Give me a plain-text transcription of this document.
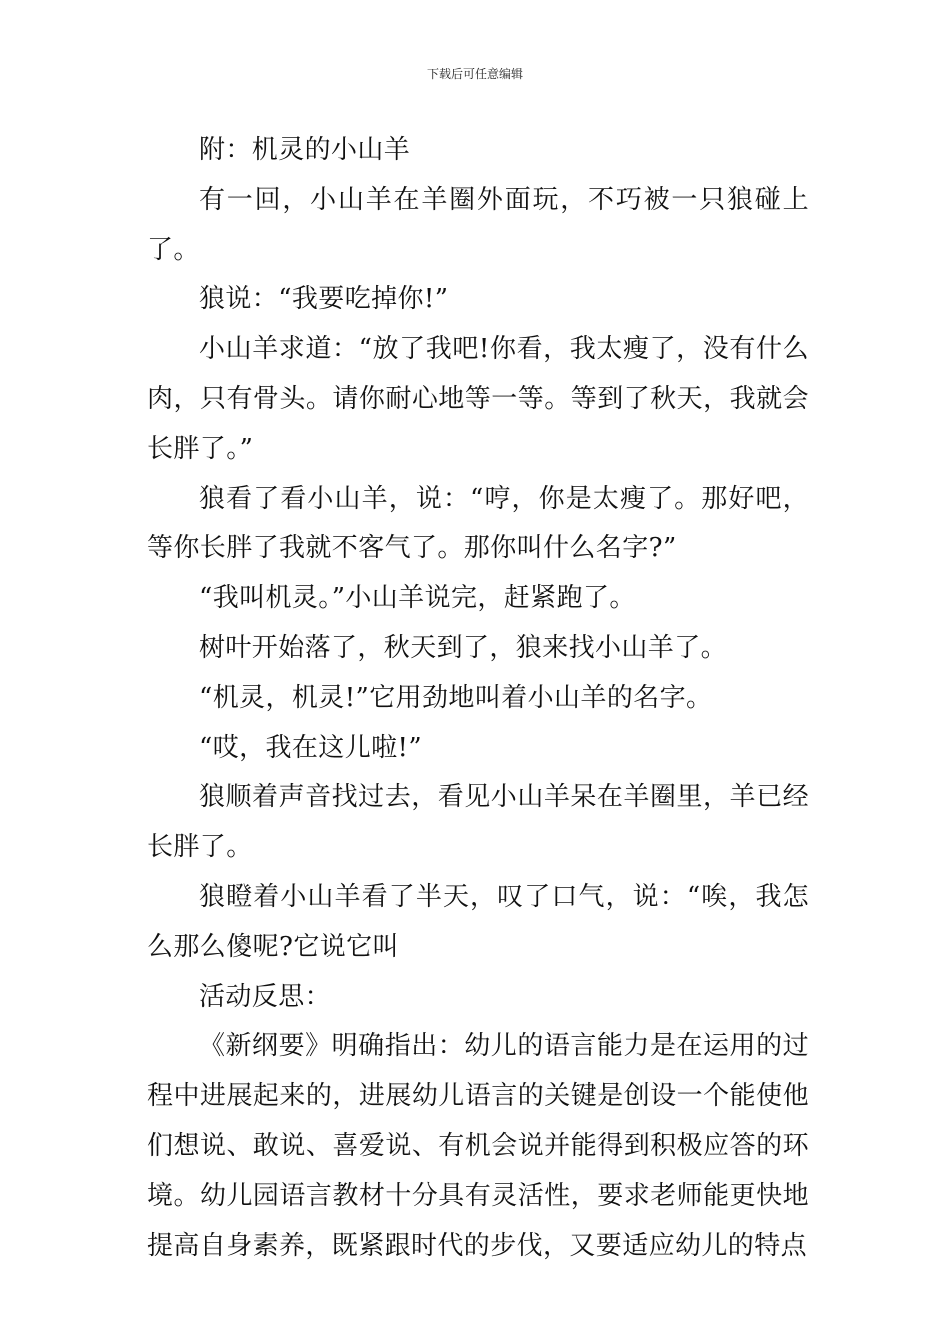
下载后可任意编辑

附：机灵的小山羊

有一回，小山羊在羊圈外面玩，不巧被一只狼碰上了。

狼说：“我要吃掉你!”

小山羊求道：“放了我吧!你看，我太瘦了，没有什么肉，只有骨头。请你耐心地等一等。等到了秋天，我就会长胖了。”

狼看了看小山羊，说：“哼，你是太瘦了。那好吧，等你长胖了我就不客气了。那你叫什么名字?”

“我叫机灵。”小山羊说完，赶紧跑了。

树叶开始落了，秋天到了，狼来找小山羊了。

“机灵，机灵!”它用劲地叫着小山羊的名字。

“哎，我在这儿啦!”

狼顺着声音找过去，看见小山羊呆在羊圈里，羊已经长胖了。

狼瞪着小山羊看了半天，叹了口气，说：“唉，我怎么那么傻呢?它说它叫

活动反思：

《新纲要》明确指出：幼儿的语言能力是在运用的过程中进展起来的，进展幼儿语言的关键是创设一个能使他们想说、敢说、喜爱说、有机会说并能得到积极应答的环境。幼儿园语言教材十分具有灵活性，要求老师能更快地提高自身素养，既紧跟时代的步伐，又要适应幼儿的特点
